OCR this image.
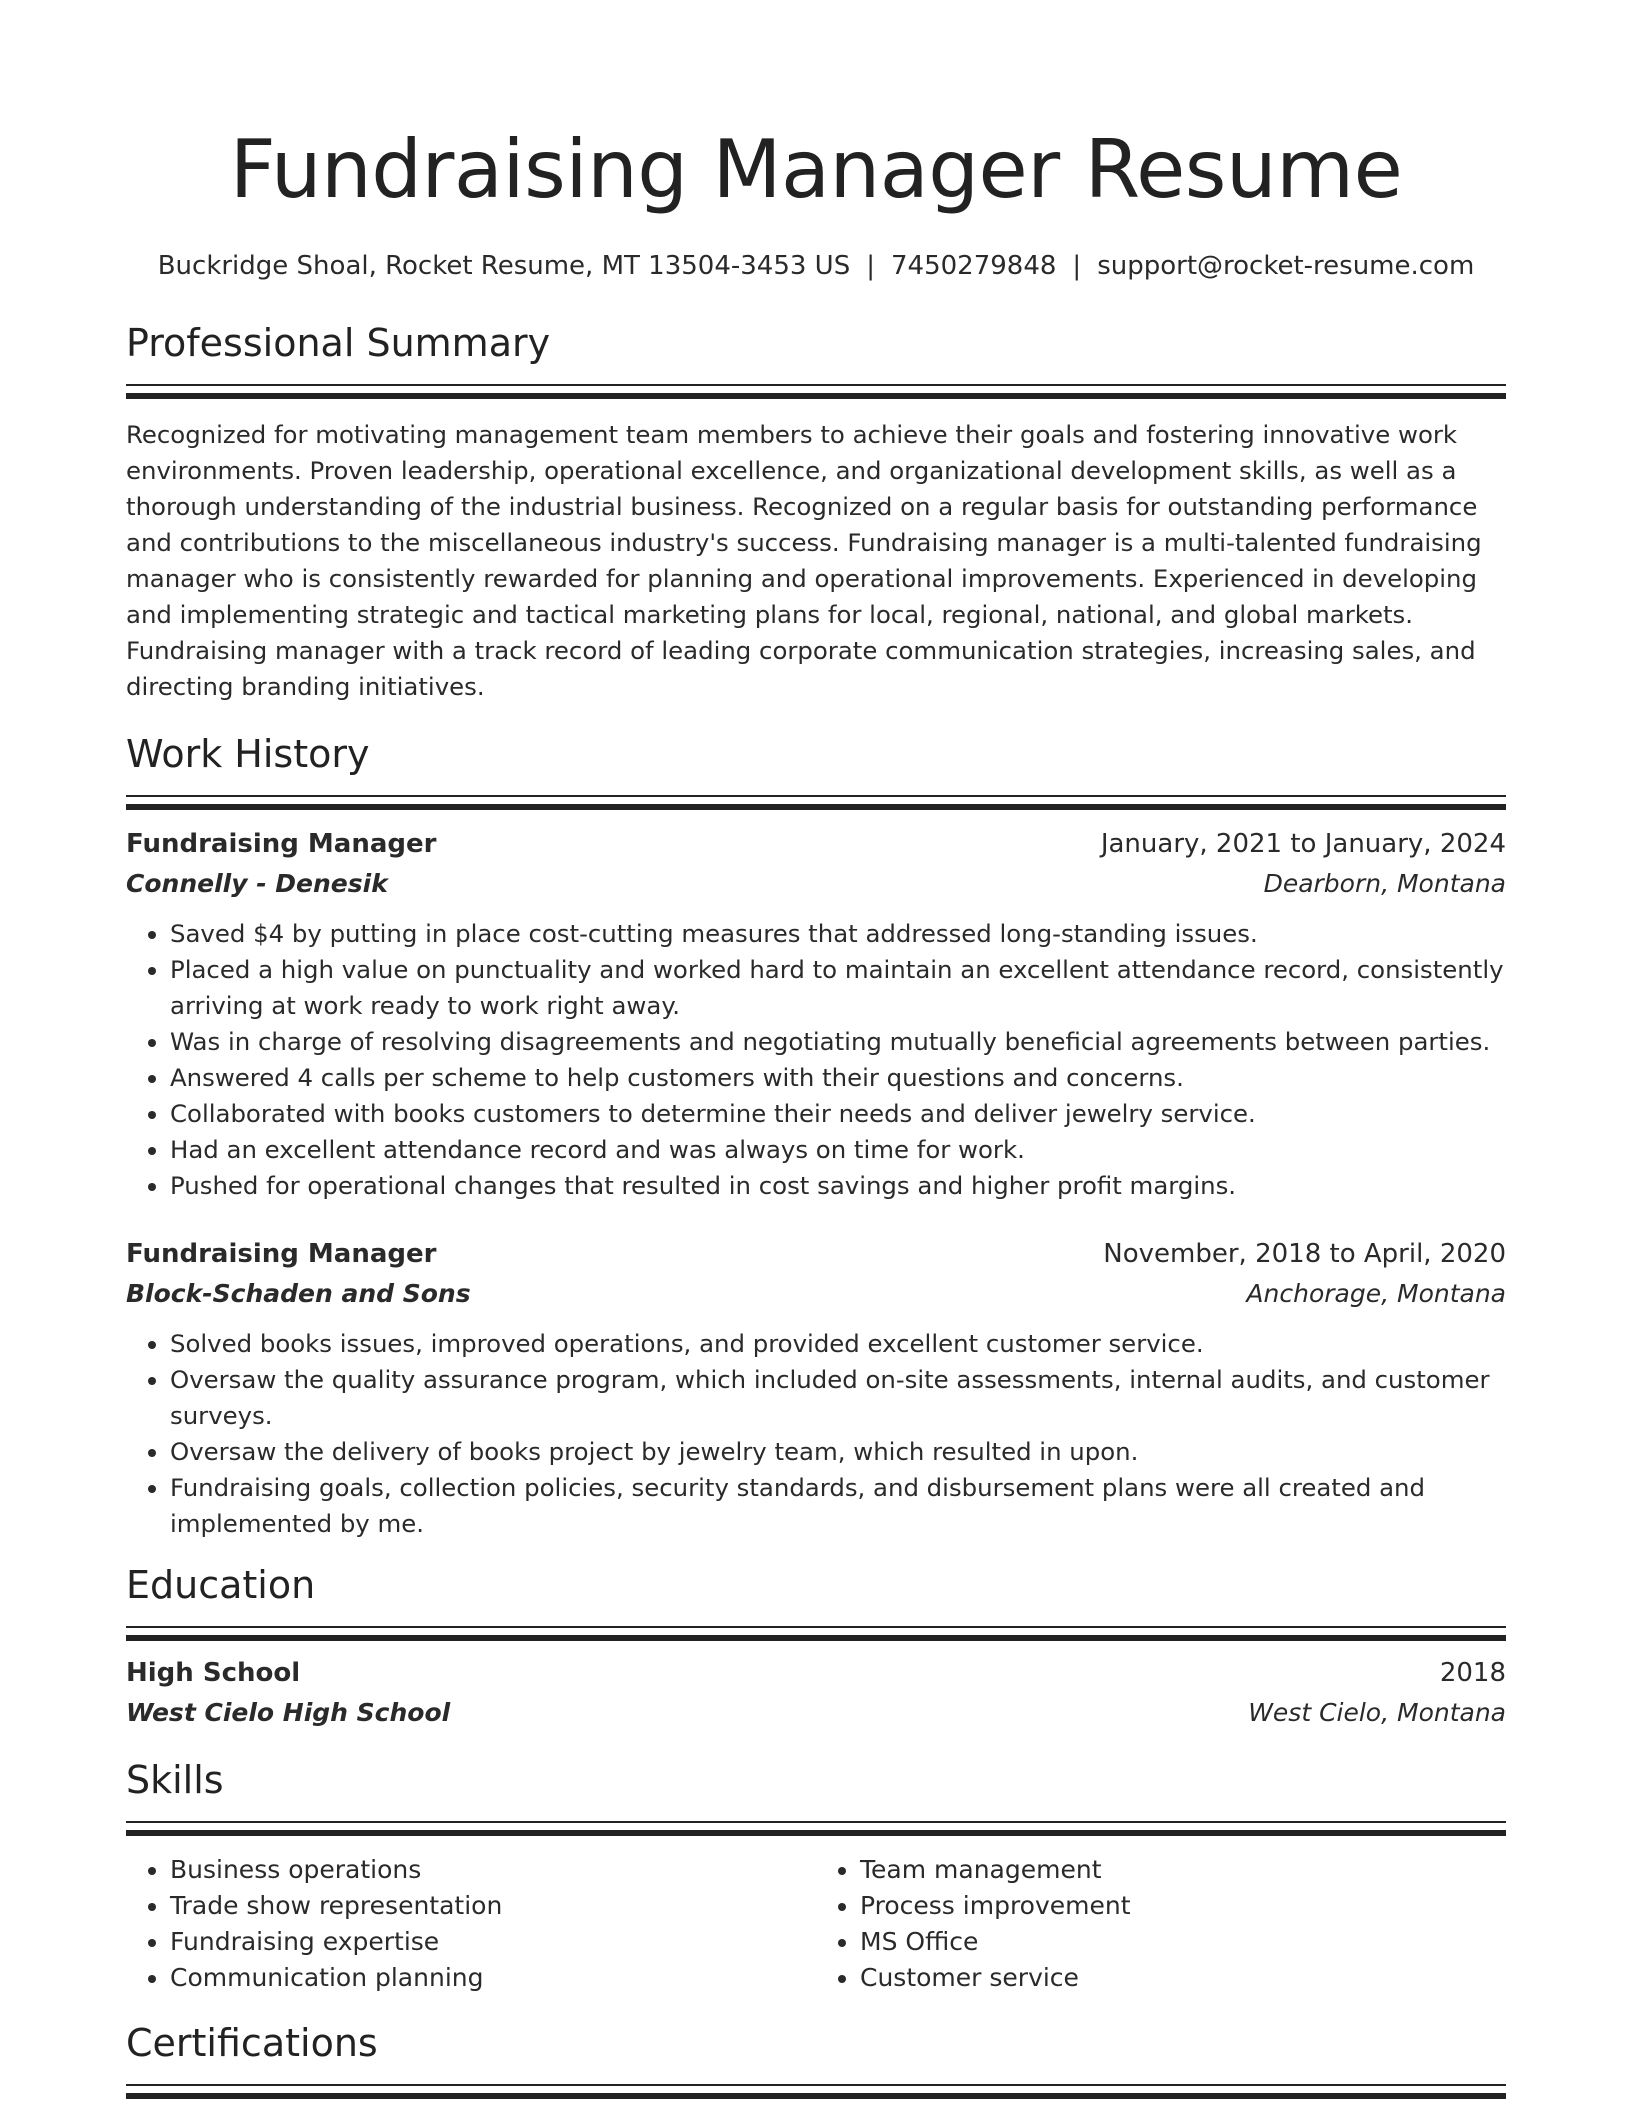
Fundraising Manager Resume
Buckridge Shoal, Rocket Resume, MT 13504-3453 US | 7450279848 | support@rocket-resume.com
Professional Summary

Recognized for motivating management team members to achieve their goals and fostering innovative work environments. Proven leadership, operational excellence, and organizational development skills, as well as a thorough understanding of the industrial business. Recognized on a regular basis for outstanding performance and contributions to the miscellaneous industry's success. Fundraising manager is a multi-talented fundraising manager who is consistently rewarded for planning and operational improvements. Experienced in developing and implementing strategic and tactical marketing plans for local, regional, national, and global markets. Fundraising manager with a track record of leading corporate communication strategies, increasing sales, and directing branding initiatives.

Work History
Fundraising Manager	January, 2021 to January, 2024
Connelly - Denesik	Dearborn, Montana
• Saved $4 by putting in place cost-cutting measures that addressed long-standing issues.
• Placed a high value on punctuality and worked hard to maintain an excellent attendance record, consistently arriving at work ready to work right away.
• Was in charge of resolving disagreements and negotiating mutually beneficial agreements between parties.
• Answered 4 calls per scheme to help customers with their questions and concerns.
• Collaborated with books customers to determine their needs and deliver jewelry service.
• Had an excellent attendance record and was always on time for work.
• Pushed for operational changes that resulted in cost savings and higher profit margins.
Fundraising Manager	November, 2018 to April, 2020
Block-Schaden and Sons	Anchorage, Montana
• Solved books issues, improved operations, and provided excellent customer service.
• Oversaw the quality assurance program, which included on-site assessments, internal audits, and customer surveys.
• Oversaw the delivery of books project by jewelry team, which resulted in upon.
• Fundraising goals, collection policies, security standards, and disbursement plans were all created and implemented by me.
Education
High School	2018
West Cielo High School	West Cielo, Montana
Skills
• Business operations
• Trade show representation
• Fundraising expertise
• Communication planning
• Team management
• Process improvement
• MS Office
• Customer service
Certifications
